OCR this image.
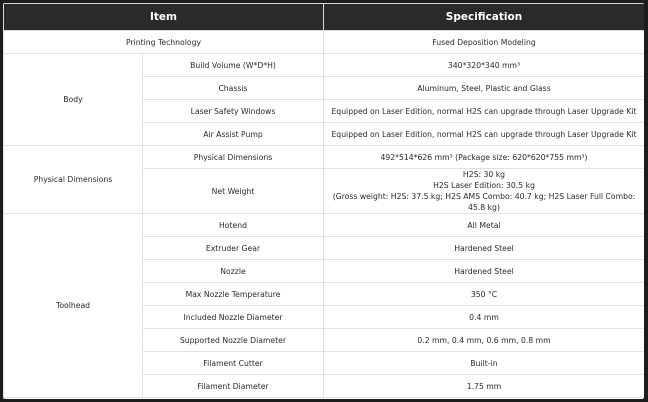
Item		Specification
Printing Technology		Fused Deposition Modeling
Body	Build Volume (W*D*H)	340*320*340 mm³
	Chassis	Aluminum, Steel, Plastic and Glass
	Laser Safety Windows	Equipped on Laser Edition, normal H2S can upgrade through Laser Upgrade Kit
	Air Assist Pump	Equipped on Laser Edition, normal H2S can upgrade through Laser Upgrade Kit
Physical Dimensions	Physical Dimensions	492*514*626 mm³ (Package size: 620*620*755 mm³)
	Net Weight	H2S: 30 kg
H2S Laser Edition: 30.5 kg
(Gross weight: H2S: 37.5 kg; H2S AMS Combo: 40.7 kg; H2S Laser Full Combo: 45.8 kg)

Toolhead	Hotend	All Metal
	Extruder Gear	Hardened Steel
	Nozzle	Hardened Steel
	Max Nozzle Temperature	350 °C
	Included Nozzle Diameter	0.4 mm
	Supported Nozzle Diameter	0.2 mm, 0.4 mm, 0.6 mm, 0.8 mm
	Filament Cutter	Built-in
	Filament Diameter	1.75 mm
